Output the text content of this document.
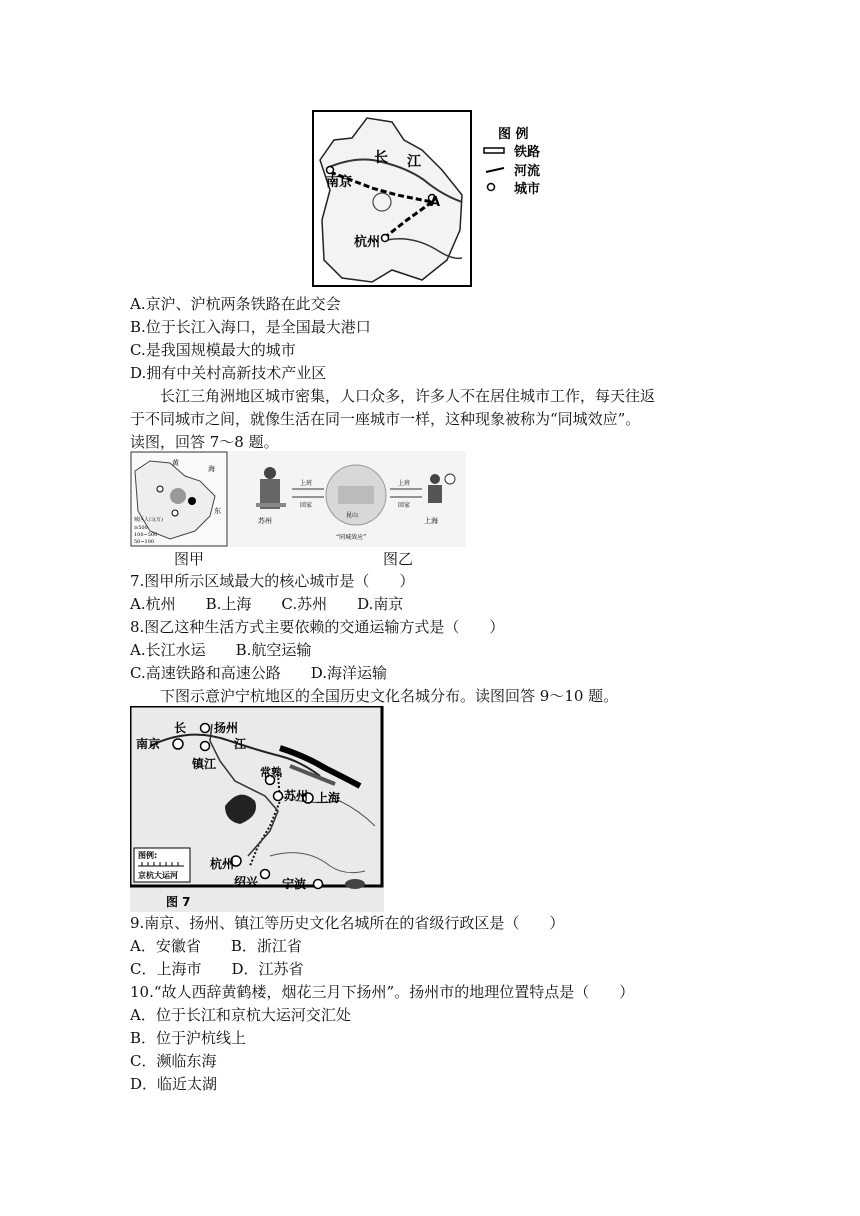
长 江
南京
A
杭州
图 例
铁路
河流
城市
A.京沪、沪杭两条铁路在此交会
B.位于长江入海口，是全国最大港口
C.是我国规模最大的城市
D.拥有中关村高新技术产业区
长江三角洲地区城市密集，人口众多，许多人不在居住城市工作，每天往返
于不同城市之间，就像生活在同一座城市一样，这种现象被称为“同城效应”。
读图，回答 7～8 题。
黄
海
东
城区人口(万)
≥500
100~500
50~100
苏州
上班
回家
昆山
“同城效应”
上班
回家
上海
图甲	图乙
7.图甲所示区域最大的核心城市是（　　）
A.杭州　　B.上海　　C.苏州　　D.南京
8.图乙这种生活方式主要依赖的交通运输方式是（　　）
A.长江水运　　B.航空运输
C.高速铁路和高速公路　　D.海洋运输
下图示意沪宁杭地区的全国历史文化名城分布。读图回答 9～10 题。
扬州
南京
镇江
常熟
苏州 上海
杭州
绍兴 宁波
长
江
图例:
京杭大运河
图 7
9.南京、扬州、镇江等历史文化名城所在的省级行政区是（　　）
A．安徽省　　B．浙江省
C．上海市　　D．江苏省
10.“故人西辞黄鹤楼，烟花三月下扬州”。扬州市的地理位置特点是（　　）
A．位于长江和京杭大运河交汇处
B．位于沪杭线上
C．濒临东海
D．临近太湖
